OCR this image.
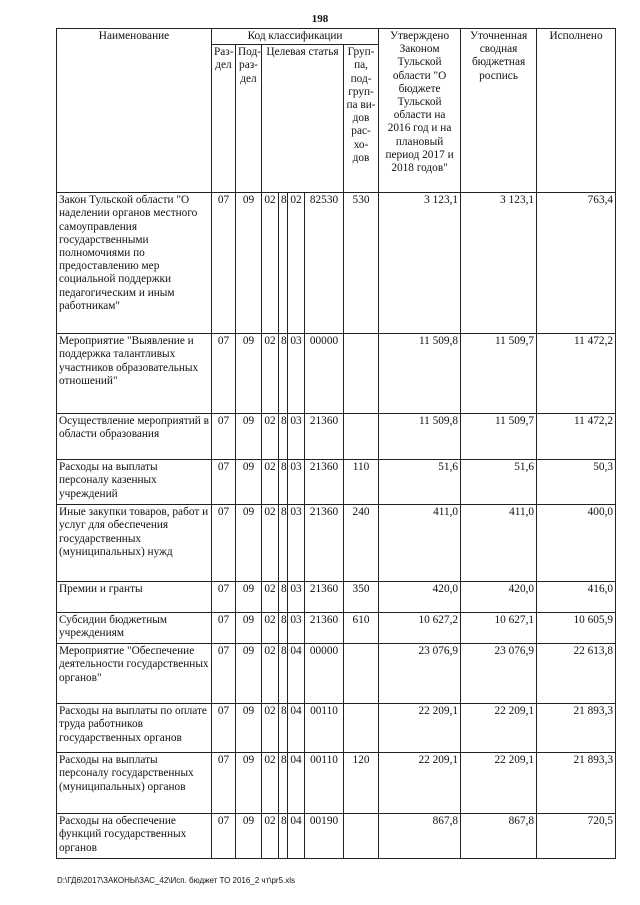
198
Наименование	Код классификации							Утверждено Законом Тульской области "О бюджете Тульской области на 2016 год и на плановый период 2017 и 2018 годов"	Уточненная сводная бюджетная роспись	Исполнено
	Раз-дел	Под-раз-дел	Целевая статья				Груп-па, под-груп-па ви-дов рас-хо-дов			
Закон Тульской области "О наделении органов местного самоуправления государственными полномочиями по предоставлению мер социальной поддержки педагогическим и иным работникам"	07	09	02	8	02	82530	530	3 123,1	3 123,1	763,4
Мероприятие "Выявление и поддержка талантливых участников образовательных отношений"	07	09	02	8	03	00000		11 509,8	11 509,7	11 472,2
Осуществление мероприятий в области образования	07	09	02	8	03	21360		11 509,8	11 509,7	11 472,2
Расходы на выплаты персоналу казенных учреждений	07	09	02	8	03	21360	110	51,6	51,6	50,3
Иные закупки товаров, работ и услуг для обеспечения государственных (муниципальных) нужд	07	09	02	8	03	21360	240	411,0	411,0	400,0
Премии и гранты	07	09	02	8	03	21360	350	420,0	420,0	416,0
Субсидии бюджетным учреждениям	07	09	02	8	03	21360	610	10 627,2	10 627,1	10 605,9
Мероприятие "Обеспечение деятельности государственных органов"	07	09	02	8	04	00000		23 076,9	23 076,9	22 613,8
Расходы на выплаты по оплате труда работников государственных органов	07	09	02	8	04	00110		22 209,1	22 209,1	21 893,3
Расходы на выплаты персоналу государственных (муниципальных) органов	07	09	02	8	04	00110	120	22 209,1	22 209,1	21 893,3
Расходы на обеспечение функций государственных органов	07	09	02	8	04	00190		867,8	867,8	720,5
D:\ГД6\2017\ЗАКОНЫ\ЗАС_42\Исп. бюджет ТО 2016_2 чт\pr5.xls
